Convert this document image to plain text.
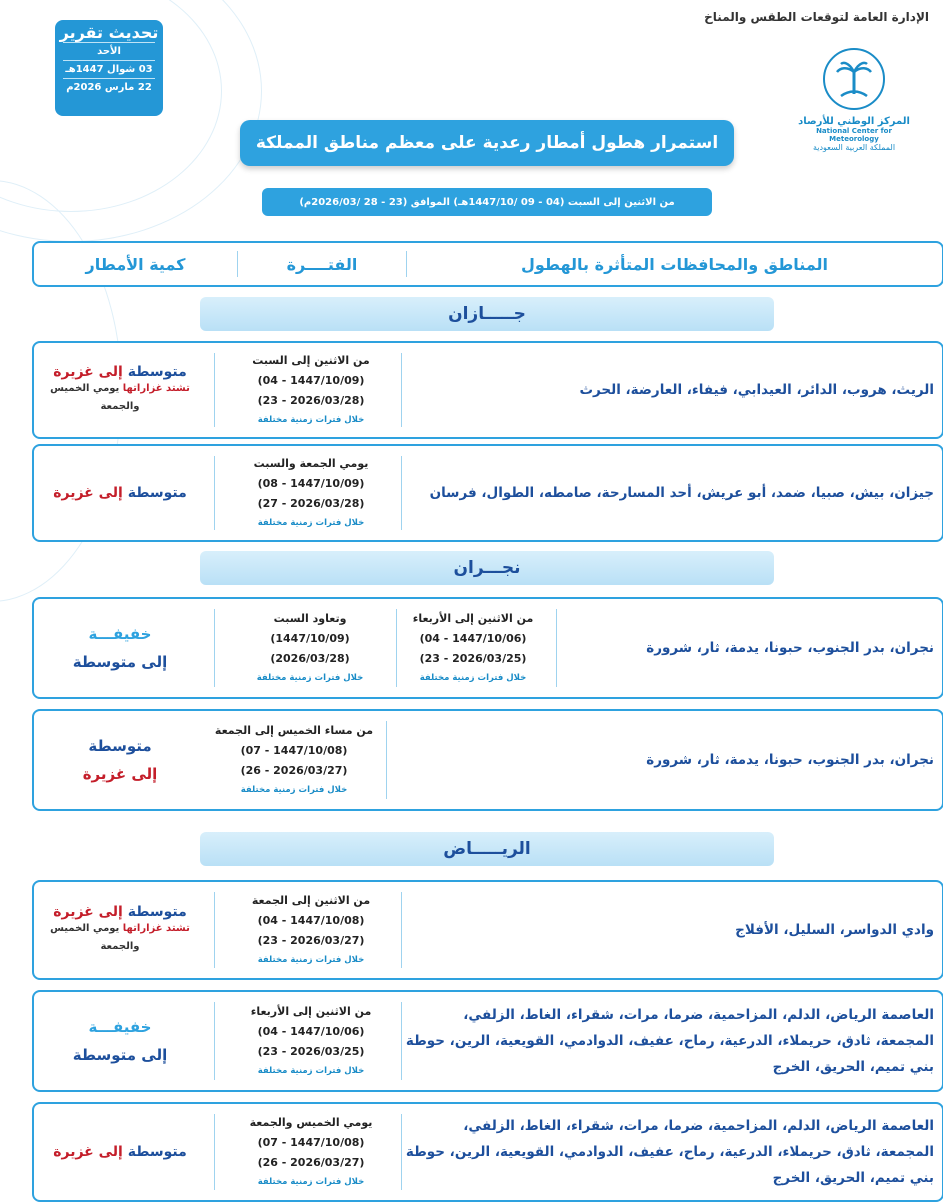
الإدارة العامة لتوقعات الطقس والمناخ
المركز الوطني للأرصاد
National Center for Meteorology
المملكة العربية السعودية
تحديث تقرير
الأحد
03 شوال 1447هـ
22 مارس 2026م
استمرار هطول أمطار رعدية على معظم مناطق المملكة
من الاثنين إلى السبت (04 - 09 /1447/10هـ) الموافق (23 - 28 /2026/03م)
المناطق والمحافظات المتأثرة بالهطول
الفتــــرة
كمية الأمطار
جـــــازان
الريث، هروب، الدائر، العيدابي، فيفاء، العارضة، الحرث
من الاثنين إلى السبت
(1447/10/09 - 04)
(2026/03/28 - 23)
خلال فترات زمنية مختلفة
متوسطة إلى غزيرة
تشتد غزاراتها يومي الخميس
والجمعة
جيزان، بيش، صبيا، ضمد، أبو عريش، أحد المسارحة، صامطه، الطوال، فرسان
يومي الجمعة والسبت
(1447/10/09 - 08)
(2026/03/28 - 27)
خلال فترات زمنية مختلفة
متوسطة إلى غزيرة
نجـــران
نجران، بدر الجنوب، حبونا، يدمة، ثار، شرورة
من الاثنين إلى الأربعاء
(1447/10/06 - 04)
(2026/03/25 - 23)
خلال فترات زمنية مختلفة
وتعاود السبت
(1447/10/09)
(2026/03/28)
خلال فترات زمنية مختلفة
خفيفـــة
إلى متوسطة
نجران، بدر الجنوب، حبونا، يدمة، ثار، شرورة
من مساء الخميس إلى الجمعة
(1447/10/08 - 07)
(2026/03/27 - 26)
خلال فترات زمنية مختلفة
متوسطة
إلى غزيرة
الريـــــاض
وادي الدواسر، السليل، الأفلاج
من الاثنين إلى الجمعة
(1447/10/08 - 04)
(2026/03/27 - 23)
خلال فترات زمنية مختلفة
متوسطة إلى غزيرة
تشتد غزاراتها يومي الخميس
والجمعة
العاصمة الرياض، الدلم، المزاحمية، ضرما، مرات، شقراء، الغاط، الزلفي، المجمعة، ثادق، حريملاء، الدرعية، رماح، عفيف، الدوادمي، القويعية، الرين، حوطة بني تميم، الحريق، الخرج
من الاثنين إلى الأربعاء
(1447/10/06 - 04)
(2026/03/25 - 23)
خلال فترات زمنية مختلفة
خفيفـــة
إلى متوسطة
العاصمة الرياض، الدلم، المزاحمية، ضرما، مرات، شقراء، الغاط، الزلفي، المجمعة، ثادق، حريملاء، الدرعية، رماح، عفيف، الدوادمي، القويعية، الرين، حوطة بني تميم، الحريق، الخرج
يومي الخميس والجمعة
(1447/10/08 - 07)
(2026/03/27 - 26)
خلال فترات زمنية مختلفة
متوسطة إلى غزيرة
